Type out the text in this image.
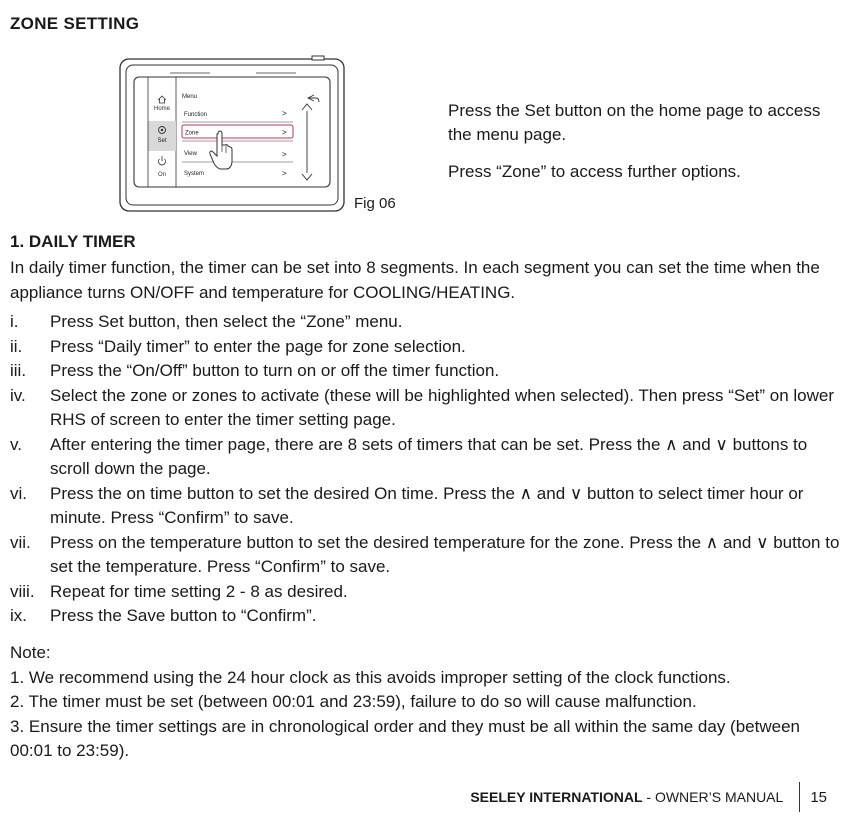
ZONE SETTING
Home
Set
On
Menu
Function	>
Zone	>
View	>
System	>
Fig 06

Press the Set button on the home page to access the menu page.

Press “Zone” to access further options.

1. DAILY TIMER
In daily timer function, the timer can be set into 8 segments. In each segment you can set the time when the appliance turns ON/OFF and temperature for COOLING/HEATING.
i. Press Set button, then select the “Zone” menu.
ii. Press “Daily timer” to enter the page for zone selection.
iii. Press the “On/Off” button to turn on or off the timer function.
iv. Select the zone or zones to activate (these will be highlighted when selected). Then press “Set” on lower RHS of screen to enter the timer setting page.
v. After entering the timer page, there are 8 sets of timers that can be set. Press the ∧ and ∨ buttons to scroll down the page.
vi. Press the on time button to set the desired On time. Press the ∧ and ∨ button to select timer hour or minute. Press “Confirm” to save.
vii. Press on the temperature button to set the desired temperature for the zone. Press the ∧ and ∨ button to set the temperature. Press “Confirm” to save.
viii. Repeat for time setting 2 - 8 as desired.
ix. Press the Save button to “Confirm”.
Note:
1. We recommend using the 24 hour clock as this avoids improper setting of the clock functions.
2. The timer must be set (between 00:01 and 23:59), failure to do so will cause malfunction.
3. Ensure the timer settings are in chronological order and they must be all within the same day (between 00:01 to 23:59).
SEELEY INTERNATIONAL - OWNER’S MANUAL 15
